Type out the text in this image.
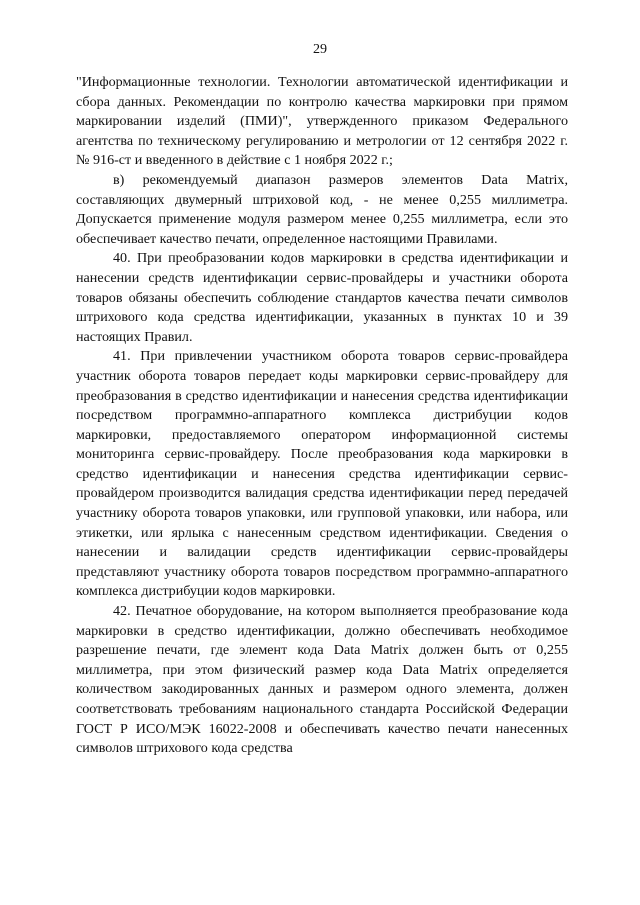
29

"Информационные технологии. Технологии автоматической идентификации и сбора данных. Рекомендации по контролю качества маркировки при прямом маркировании изделий (ПМИ)", утвержденного приказом Федерального агентства по техническому регулированию и метрологии от 12 сентября 2022 г. № 916-ст и введенного в действие с 1 ноября 2022 г.;

в) рекомендуемый диапазон размеров элементов Data Matrix, составляющих двумерный штриховой код, - не менее 0,255 миллиметра. Допускается применение модуля размером менее 0,255 миллиметра, если это обеспечивает качество печати, определенное настоящими Правилами.

40. При преобразовании кодов маркировки в средства идентификации и нанесении средств идентификации сервис-провайдеры и участники оборота товаров обязаны обеспечить соблюдение стандартов качества печати символов штрихового кода средства идентификации, указанных в пунктах 10 и 39 настоящих Правил.

41. При привлечении участником оборота товаров сервис-провайдера участник оборота товаров передает коды маркировки сервис-провайдеру для преобразования в средство идентификации и нанесения средства идентификации посредством программно-аппаратного комплекса дистрибуции кодов маркировки, предоставляемого оператором информационной системы мониторинга сервис-провайдеру. После преобразования кода маркировки в средство идентификации и нанесения средства идентификации сервис-провайдером производится валидация средства идентификации перед передачей участнику оборота товаров упаковки, или групповой упаковки, или набора, или этикетки, или ярлыка с нанесенным средством идентификации. Сведения о нанесении и валидации средств идентификации сервис-провайдеры представляют участнику оборота товаров посредством программно-аппаратного комплекса дистрибуции кодов маркировки.

42. Печатное оборудование, на котором выполняется преобразование кода маркировки в средство идентификации, должно обеспечивать необходимое разрешение печати, где элемент кода Data Matrix должен быть от 0,255 миллиметра, при этом физический размер кода Data Matrix определяется количеством закодированных данных и размером одного элемента, должен соответствовать требованиям национального стандарта Российской Федерации ГОСТ Р ИСО/МЭК 16022-2008 и обеспечивать качество печати нанесенных символов штрихового кода средства
